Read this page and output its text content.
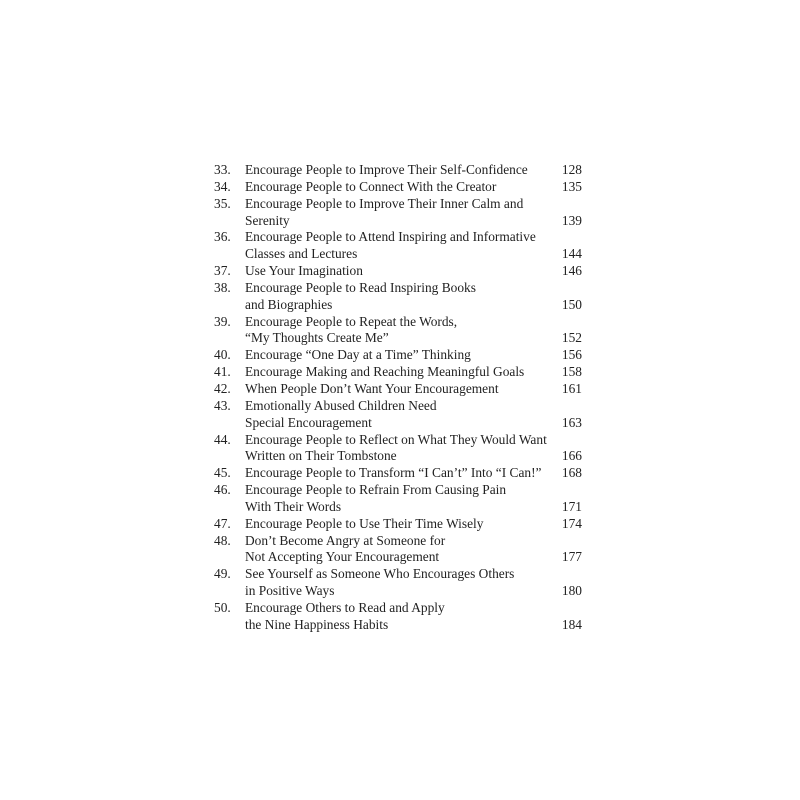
33.	Encourage People to Improve Their Self-Confidence	128
34.	Encourage People to Connect With the Creator	135
35.	Encourage People to Improve Their Inner Calm and
Serenity	139
36.	Encourage People to Attend Inspiring and Informative
Classes and Lectures	144
37.	Use Your Imagination	146
38.	Encourage People to Read Inspiring Books
and Biographies	150
39.	Encourage People to Repeat the Words,
“My Thoughts Create Me”	152
40.	Encourage “One Day at a Time” Thinking	156
41.	Encourage Making and Reaching Meaningful Goals	158
42.	When People Don’t Want Your Encouragement	161
43.	Emotionally Abused Children Need
Special Encouragement	163
44.	Encourage People to Reflect on What They Would Want
Written on Their Tombstone	166
45.	Encourage People to Transform “I Can’t” Into “I Can!”	168
46.	Encourage People to Refrain From Causing Pain
With Their Words	171
47.	Encourage People to Use Their Time Wisely	174
48.	Don’t Become Angry at Someone for
Not Accepting Your Encouragement	177
49.	See Yourself as Someone Who Encourages Others
in Positive Ways	180
50.	Encourage Others to Read and Apply
the Nine Happiness Habits	184
